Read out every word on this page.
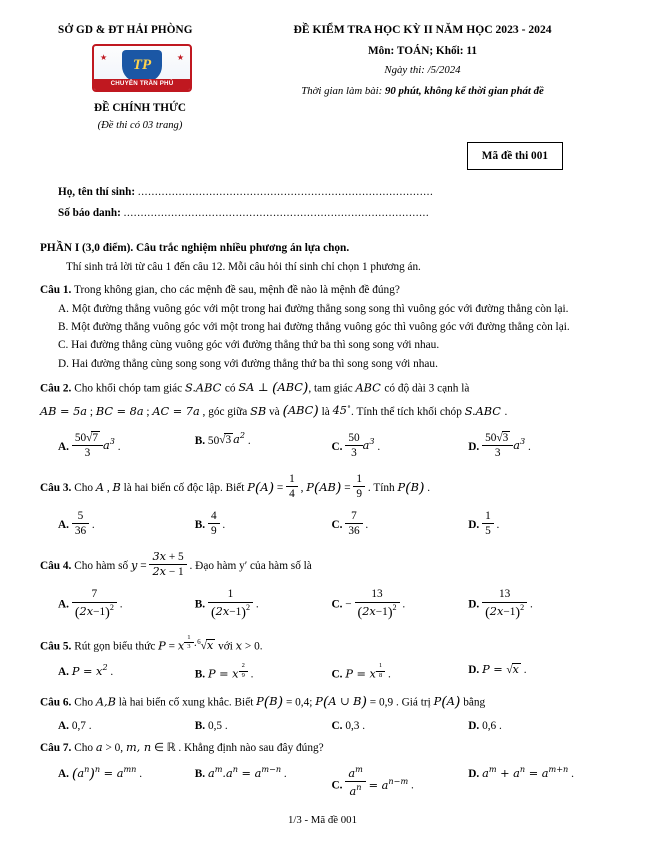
SỞ GD & ĐT HẢI PHÒNG
★	★
TP
CHUYÊN TRẦN PHÚ
ĐỀ CHÍNH THỨC
(Đề thi có 03 trang)
ĐỀ KIỂM TRA HỌC KỲ II NĂM HỌC 2023 - 2024
Môn: TOÁN; Khối: 11
Ngày thi: /5/2024
Thời gian làm bài: 90 phút, không kể thời gian phát đề
Mã đề thi 001
Họ, tên thí sinh: .......................................................................................
Số báo danh: ..........................................................................................
PHẦN I (3,0 điểm). Câu trắc nghiệm nhiều phương án lựa chọn.
Thí sinh trả lời từ câu 1 đến câu 12. Mỗi câu hỏi thí sinh chỉ chọn 1 phương án.
Câu 1. Trong không gian, cho các mệnh đề sau, mệnh đề nào là mệnh đề đúng?
A. Một đường thẳng vuông góc với một trong hai đường thẳng song song thì vuông góc với đường thẳng còn lại.
B. Một đường thẳng vuông góc với một trong hai đường thẳng vuông góc thì vuông góc với đường thẳng còn lại.
C. Hai đường thẳng cùng vuông góc với đường thẳng thứ ba thì song song với nhau.
D. Hai đường thẳng cùng song song với đường thẳng thứ ba thì song song với nhau.
Câu 2. Cho khối chóp tam giác S.ABC có SA ⊥ (ABC), tam giác ABC có độ dài 3 cạnh là
AB = 5a ; BC = 8a ; AC = 7a , góc giữa SB và (ABC) là 45∘. Tính thể tích khối chóp S.ABC .
A. $\frac{50√7}{3} a^3$ .
B. 50√3 $a^2$ .
C. $\frac{50}{3} a^3$ .	D. $\frac{50√3}{3} a^3$ .
Câu 3. Cho A , B là hai biến cố độc lập. Biết $P(A) = \frac{1}{4}$ , $P(AB) = \frac{1}{9}$ . Tính P(B) .
A. $\frac{5}{36}$ .	B. $\frac{4}{9}$ .	C. $\frac{7}{36}$ .	D. $\frac{1}{5}$ .
Câu 4. Cho hàm số $y = \frac{3x + 5}{2x - 1}$ . Đạo hàm y′ của hàm số là
A. $\frac{7}{(2x-1)^2}$ .	B. $\frac{1}{(2x-1)^2}$ .	C. − $\frac{13}{(2x-1)^2}$ .	D. $\frac{13}{(2x-1)^2}$ .
Câu 5. Rút gọn biểu thức P = x $^{\frac{1}{3}}$ ·$^6$√x với x > 0.
A. $P = x^2$ .	B. P = x $^{\frac{2}{9}}$ .	C. P = x $^{\frac{1}{8}}$ .	D. P = √x .
Câu 6. Cho A,B là hai biến cố xung khắc. Biết P(B) = 0,4; P(A ∪ B) = 0,9 . Giá trị P(A) bằng
A. 0,7 .	B. 0,5 .	C. 0,3 .	D. 0,6 .
Câu 7. Cho a > 0, m, n ∈ ℝ . Khẳng định nào sau đây đúng?
A. $(a^n)^n = a^{mn}$ .	B. $a^m.a^n = a^{m-n}$ .
C. $\frac{a^m}{a^n} = a^{n-m}$ .
D. $a^m + a^n = a^{m+n}$ .
1/3 - Mã đề 001
